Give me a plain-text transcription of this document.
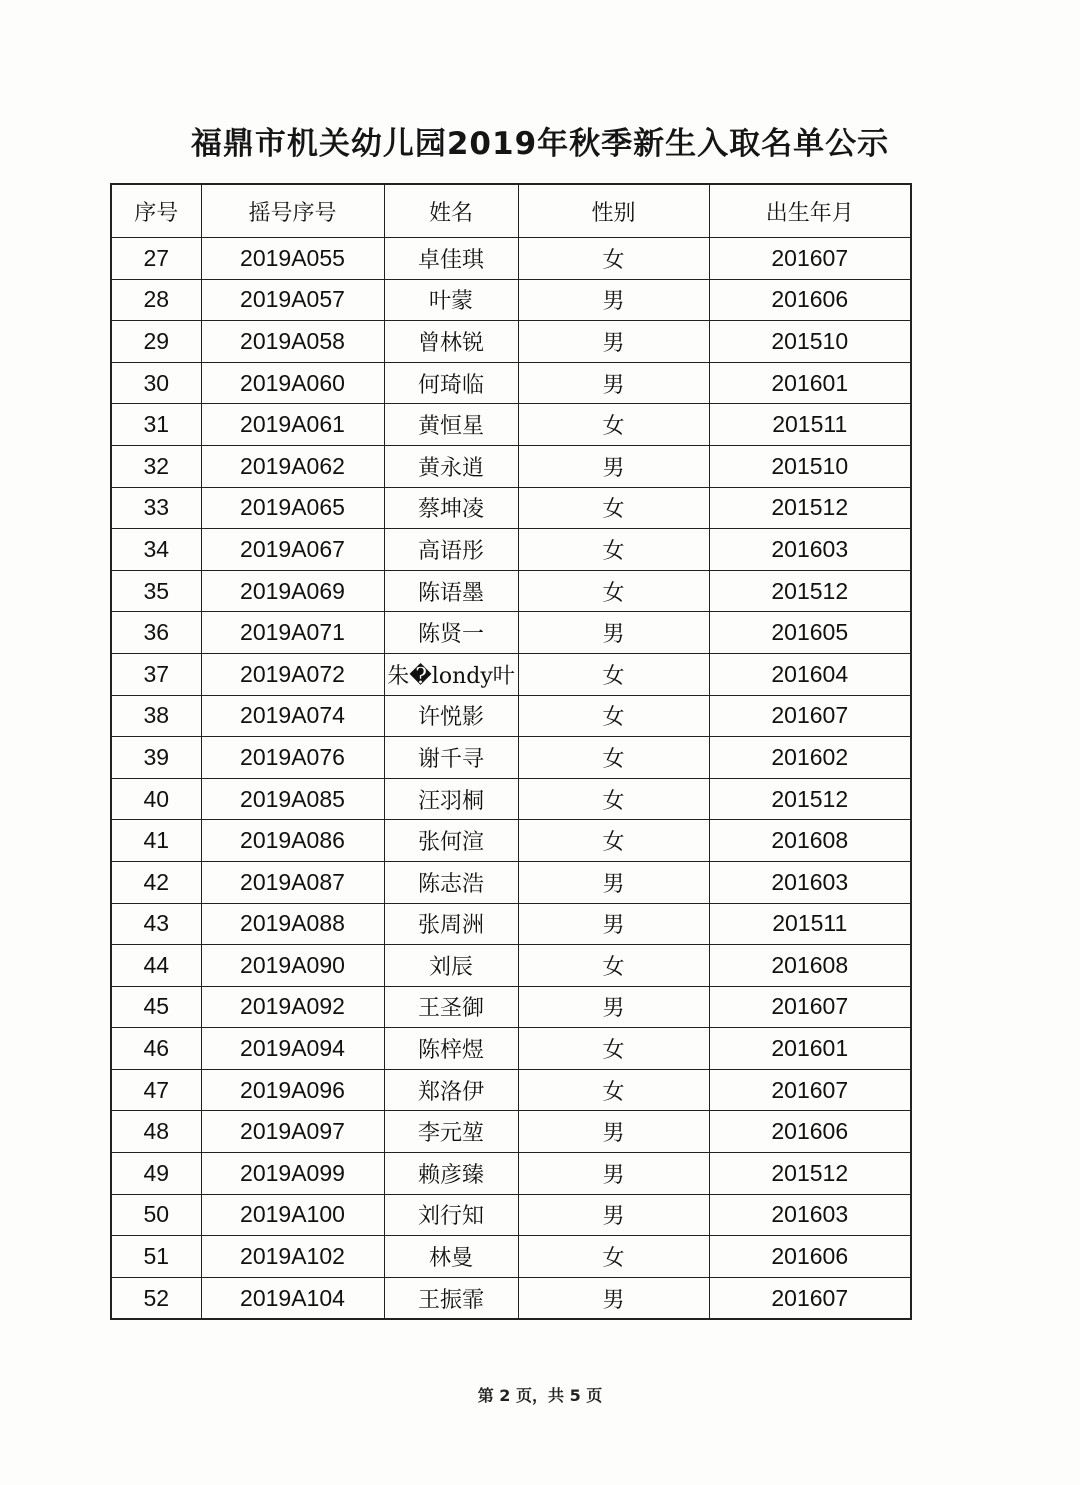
福鼎市机关幼儿园2019年秋季新生入取名单公示
序号	摇号序号	姓名	性别	出生年月
27	2019A055	卓佳琪	女	201607
28	2019A057	叶蒙	男	201606
29	2019A058	曾林锐	男	201510
30	2019A060	何琦临	男	201601
31	2019A061	黄恒星	女	201511
32	2019A062	黄永逍	男	201510
33	2019A065	蔡坤凌	女	201512
34	2019A067	高语彤	女	201603
35	2019A069	陈语墨	女	201512
36	2019A071	陈贤一	男	201605
37	2019A072	朱�londy叶	女	201604
38	2019A074	许悦影	女	201607
39	2019A076	谢千寻	女	201602
40	2019A085	汪羽桐	女	201512
41	2019A086	张何渲	女	201608
42	2019A087	陈志浩	男	201603
43	2019A088	张周洲	男	201511
44	2019A090	刘辰	女	201608
45	2019A092	王圣御	男	201607
46	2019A094	陈梓煜	女	201601
47	2019A096	郑洛伊	女	201607
48	2019A097	李元堃	男	201606
49	2019A099	赖彦臻	男	201512
50	2019A100	刘行知	男	201603
51	2019A102	林曼	女	201606
52	2019A104	王振霏	男	201607
第 2 页，共 5 页
